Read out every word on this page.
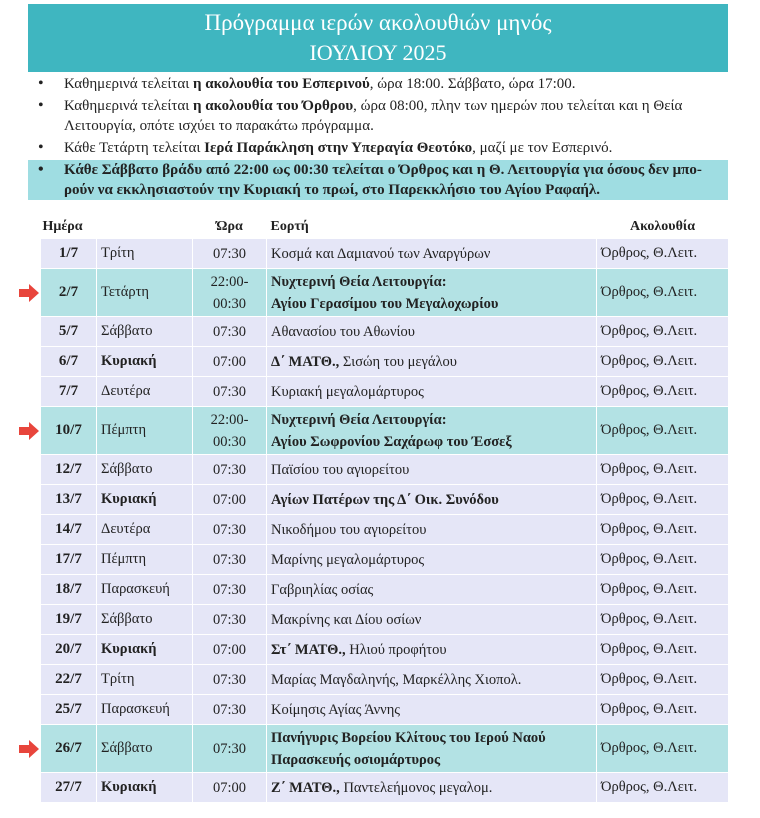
Πρόγραμμα ιερών ακολουθιών μηνός
ΙΟΥΛΙΟΥ 2025
• Καθημερινά τελείται η ακολουθία του Εσπερινού, ώρα 18:00. Σάββατο, ώρα 17:00.
• Καθημερινά τελείται η ακολουθία του Όρθρου, ώρα 08:00, πλην των ημερών που τελείται και η Θεία Λειτουργία, οπότε ισχύει το παρακάτω πρόγραμμα.
• Κάθε Τετάρτη τελείται Ιερά Παράκληση στην Υπεραγία Θεοτόκο, μαζί με τον Εσπερινό.
• Κάθε Σάββατο βράδυ από 22:00 ως 00:30 τελείται ο Όρθρος και η Θ. Λειτουργία για όσους δεν μπο-ρούν να εκκλησιαστούν την Κυριακή το πρωί, στο Παρεκκλήσιο του Αγίου Ραφαήλ.
Ημέρα		Ώρα	Εορτή	Ακολουθία
1/7	Τρίτη	07:30	Κοσμά και Δαμιανού των Αναργύρων	Όρθρος, Θ.Λειτ.
2/7	Τετάρτη	22:00-
00:30	Νυχτερινή Θεία Λειτουργία:
Αγίου Γερασίμου του Μεγαλοχωρίου	Όρθρος, Θ.Λειτ.
5/7	Σάββατο	07:30	Αθανασίου του Αθωνίου	Όρθρος, Θ.Λειτ.
6/7	Κυριακή	07:00	Δ΄ ΜΑΤΘ., Σισώη του μεγάλου	Όρθρος, Θ.Λειτ.
7/7	Δευτέρα	07:30	Κυριακή μεγαλομάρτυρος	Όρθρος, Θ.Λειτ.
10/7	Πέμπτη	22:00-
00:30	Νυχτερινή Θεία Λειτουργία:
Αγίου Σωφρονίου Σαχάρωφ του Έσσεξ	Όρθρος, Θ.Λειτ.
12/7	Σάββατο	07:30	Παϊσίου του αγιορείτου	Όρθρος, Θ.Λειτ.
13/7	Κυριακή	07:00	Αγίων Πατέρων της Δ΄ Οικ. Συνόδου	Όρθρος, Θ.Λειτ.
14/7	Δευτέρα	07:30	Νικοδήμου του αγιορείτου	Όρθρος, Θ.Λειτ.
17/7	Πέμπτη	07:30	Μαρίνης μεγαλομάρτυρος	Όρθρος, Θ.Λειτ.
18/7	Παρασκευή	07:30	Γαβριηλίας οσίας	Όρθρος, Θ.Λειτ.
19/7	Σάββατο	07:30	Μακρίνης και Δίου οσίων	Όρθρος, Θ.Λειτ.
20/7	Κυριακή	07:00	Στ΄ ΜΑΤΘ., Ηλιού προφήτου	Όρθρος, Θ.Λειτ.
22/7	Τρίτη	07:30	Μαρίας Μαγδαληνής, Μαρκέλλης Χιοπολ.	Όρθρος, Θ.Λειτ.
25/7	Παρασκευή	07:30	Κοίμησις Αγίας Άννης	Όρθρος, Θ.Λειτ.
26/7	Σάββατο	07:30	Πανήγυρις Βορείου Κλίτους του Ιερού Ναού
Παρασκευής οσιομάρτυρος	Όρθρος, Θ.Λειτ.
27/7	Κυριακή	07:00	Ζ΄ ΜΑΤΘ., Παντελεήμονος μεγαλομ.	Όρθρος, Θ.Λειτ.
